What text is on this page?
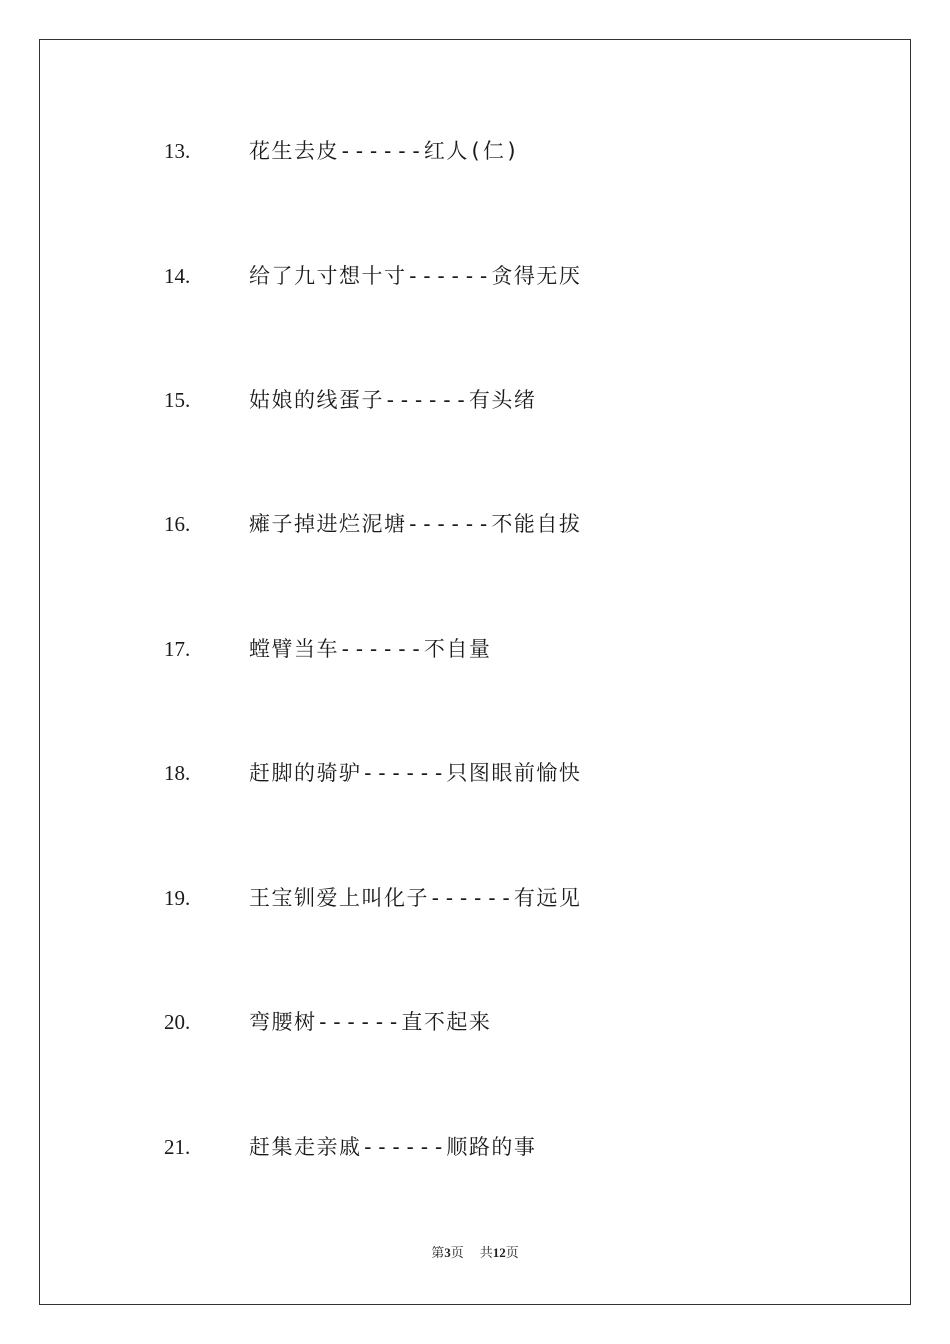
13.	花生去皮------红人(仁)
14.	给了九寸想十寸------贪得无厌
15.	姑娘的线蛋子------有头绪
16.	瘫子掉进烂泥塘------不能自拔
17.	螳臂当车------不自量
18.	赶脚的骑驴------只图眼前愉快
19.	王宝钏爱上叫化子------有远见
20.	弯腰树------直不起来
21.	赶集走亲戚------顺路的事
第3页 共12页
